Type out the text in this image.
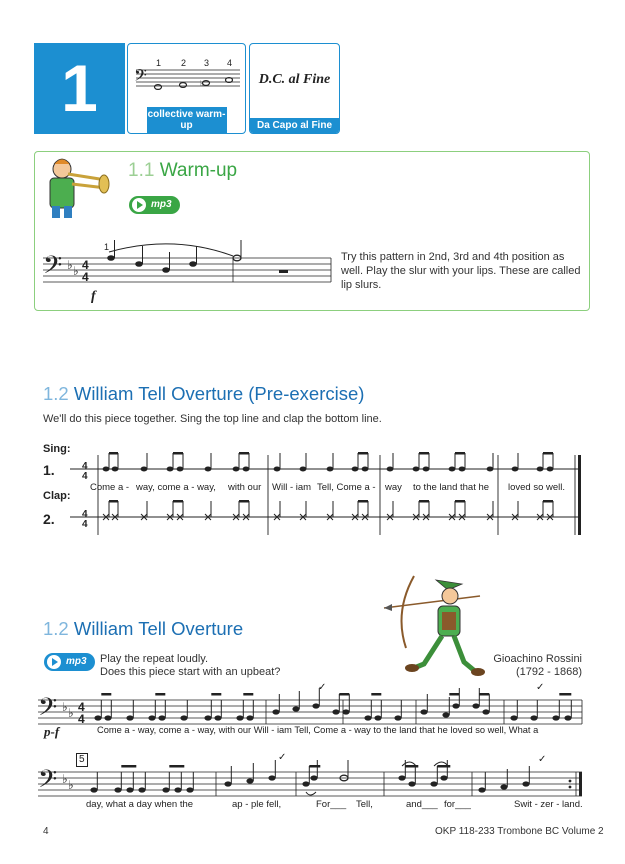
1	𝄢	♭
1 2 3 4
collective warm-up
D.C. al Fine
Da Capo al Fine
1.1 Warm-up
mp3
𝄢 ♭ ♭ 4
4
1
f
Try this pattern in 2nd, 3rd and 4th position as well. Play the slur with your lips. These are called lip slurs.
1.2 William Tell Overture (Pre-exercise)
We'll do this piece together. Sing the top line and clap the bottom line.
Sing:
1.
Clap:
2.
4
4
4
4
Come a - way, come a - way, with our Will - iam Tell, Come a - way to the land that he loved so well.
1.2 William Tell Overture
mp3	Play the repeat loudly.
Does this piece start with an upbeat?
Gioachino Rossini
(1792 - 1868)
𝄢 ♭ ♭ 4
4
✓	✓
p-f	Come a - way, come a - way, with our Will - iam Tell, Come a - way to the land that he loved so well, What a
5
𝄢 ♭ ♭
✓	✓
day, what a day when the	ap - ple fell,	For___ Tell,	and___ for___	Swit - zer - land.
4	OKP 118-233 Trombone BC Volume 2
